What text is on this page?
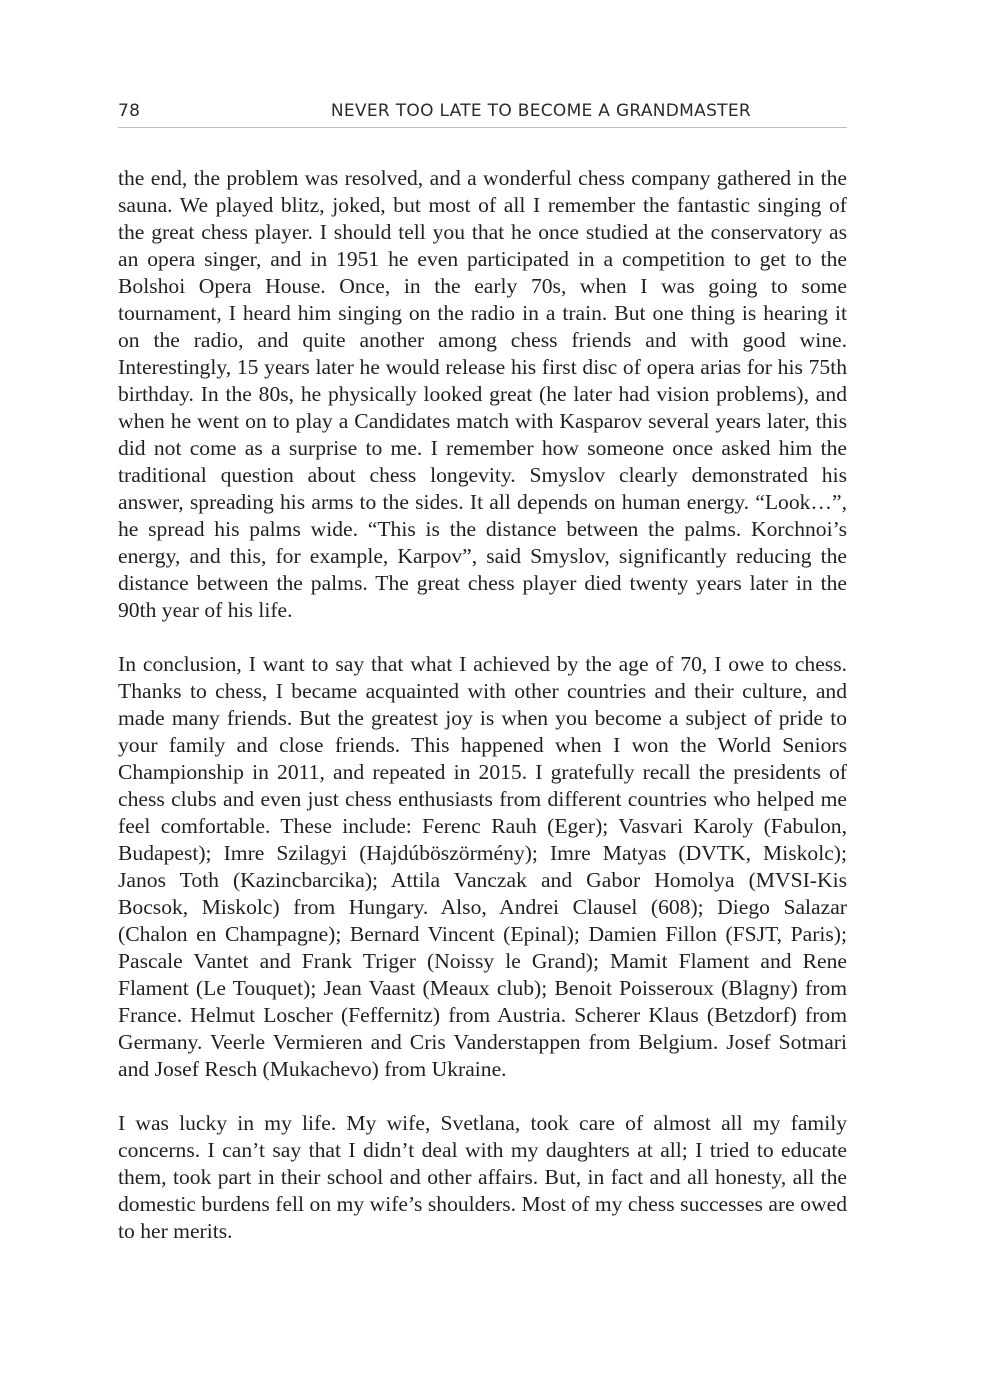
78	NEVER TOO LATE TO BECOME A GRANDMASTER

the end, the problem was resolved, and a wonderful chess company gathered in the sauna. We played blitz, joked, but most of all I remember the fantastic singing of the great chess player. I should tell you that he once studied at the conservatory as an opera singer, and in 1951 he even participated in a competition to get to the Bolshoi Opera House. Once, in the early 70s, when I was going to some tournament, I heard him singing on the radio in a train. But one thing is hearing it on the radio, and quite another among chess friends and with good wine. Interestingly, 15 years later he would release his first disc of opera arias for his 75th birthday. In the 80s, he physically looked great (he later had vision problems), and when he went on to play a Candidates match with Kasparov several years later, this did not come as a surprise to me. I remember how someone once asked him the traditional question about chess longevity. Smyslov clearly demonstrated his answer, spreading his arms to the sides. It all depends on human energy. “Look…”, he spread his palms wide. “This is the distance between the palms. Korchnoi’s energy, and this, for example, Karpov”, said Smyslov, significantly reducing the distance between the palms. The great chess player died twenty years later in the 90th year of his life.

In conclusion, I want to say that what I achieved by the age of 70, I owe to chess. Thanks to chess, I became acquainted with other countries and their culture, and made many friends. But the greatest joy is when you become a subject of pride to your family and close friends. This happened when I won the World Seniors Championship in 2011, and repeated in 2015. I gratefully recall the presidents of chess clubs and even just chess enthusiasts from different countries who helped me feel comfortable. These include: Ferenc Rauh (Eger); Vasvari Karoly (Fabulon, Budapest); Imre Szilagyi (Hajdúböszörmény); Imre Matyas (DVTK, Miskolc); Janos Toth (Kazincbarcika); Attila Vanczak and Gabor Homolya (MVSI-Kis Bocsok, Miskolc) from Hungary. Also, Andrei Clausel (608); Diego Salazar (Chalon en Champagne); Bernard Vincent (Epinal); Damien Fillon (FSJT, Paris); Pascale Vantet and Frank Triger (Noissy le Grand); Mamit Flament and Rene Flament (Le Touquet); Jean Vaast (Meaux club); Benoit Poisseroux (Blagny) from France. Helmut Loscher (Feffernitz) from Austria. Scherer Klaus (Betzdorf) from Germany. Veerle Vermieren and Cris Vanderstappen from Belgium. Josef Sotmari and Josef Resch (Mukachevo) from Ukraine.

I was lucky in my life. My wife, Svetlana, took care of almost all my family concerns. I can’t say that I didn’t deal with my daughters at all; I tried to educate them, took part in their school and other affairs. But, in fact and all honesty, all the domestic burdens fell on my wife’s shoulders. Most of my chess successes are owed to her merits.
